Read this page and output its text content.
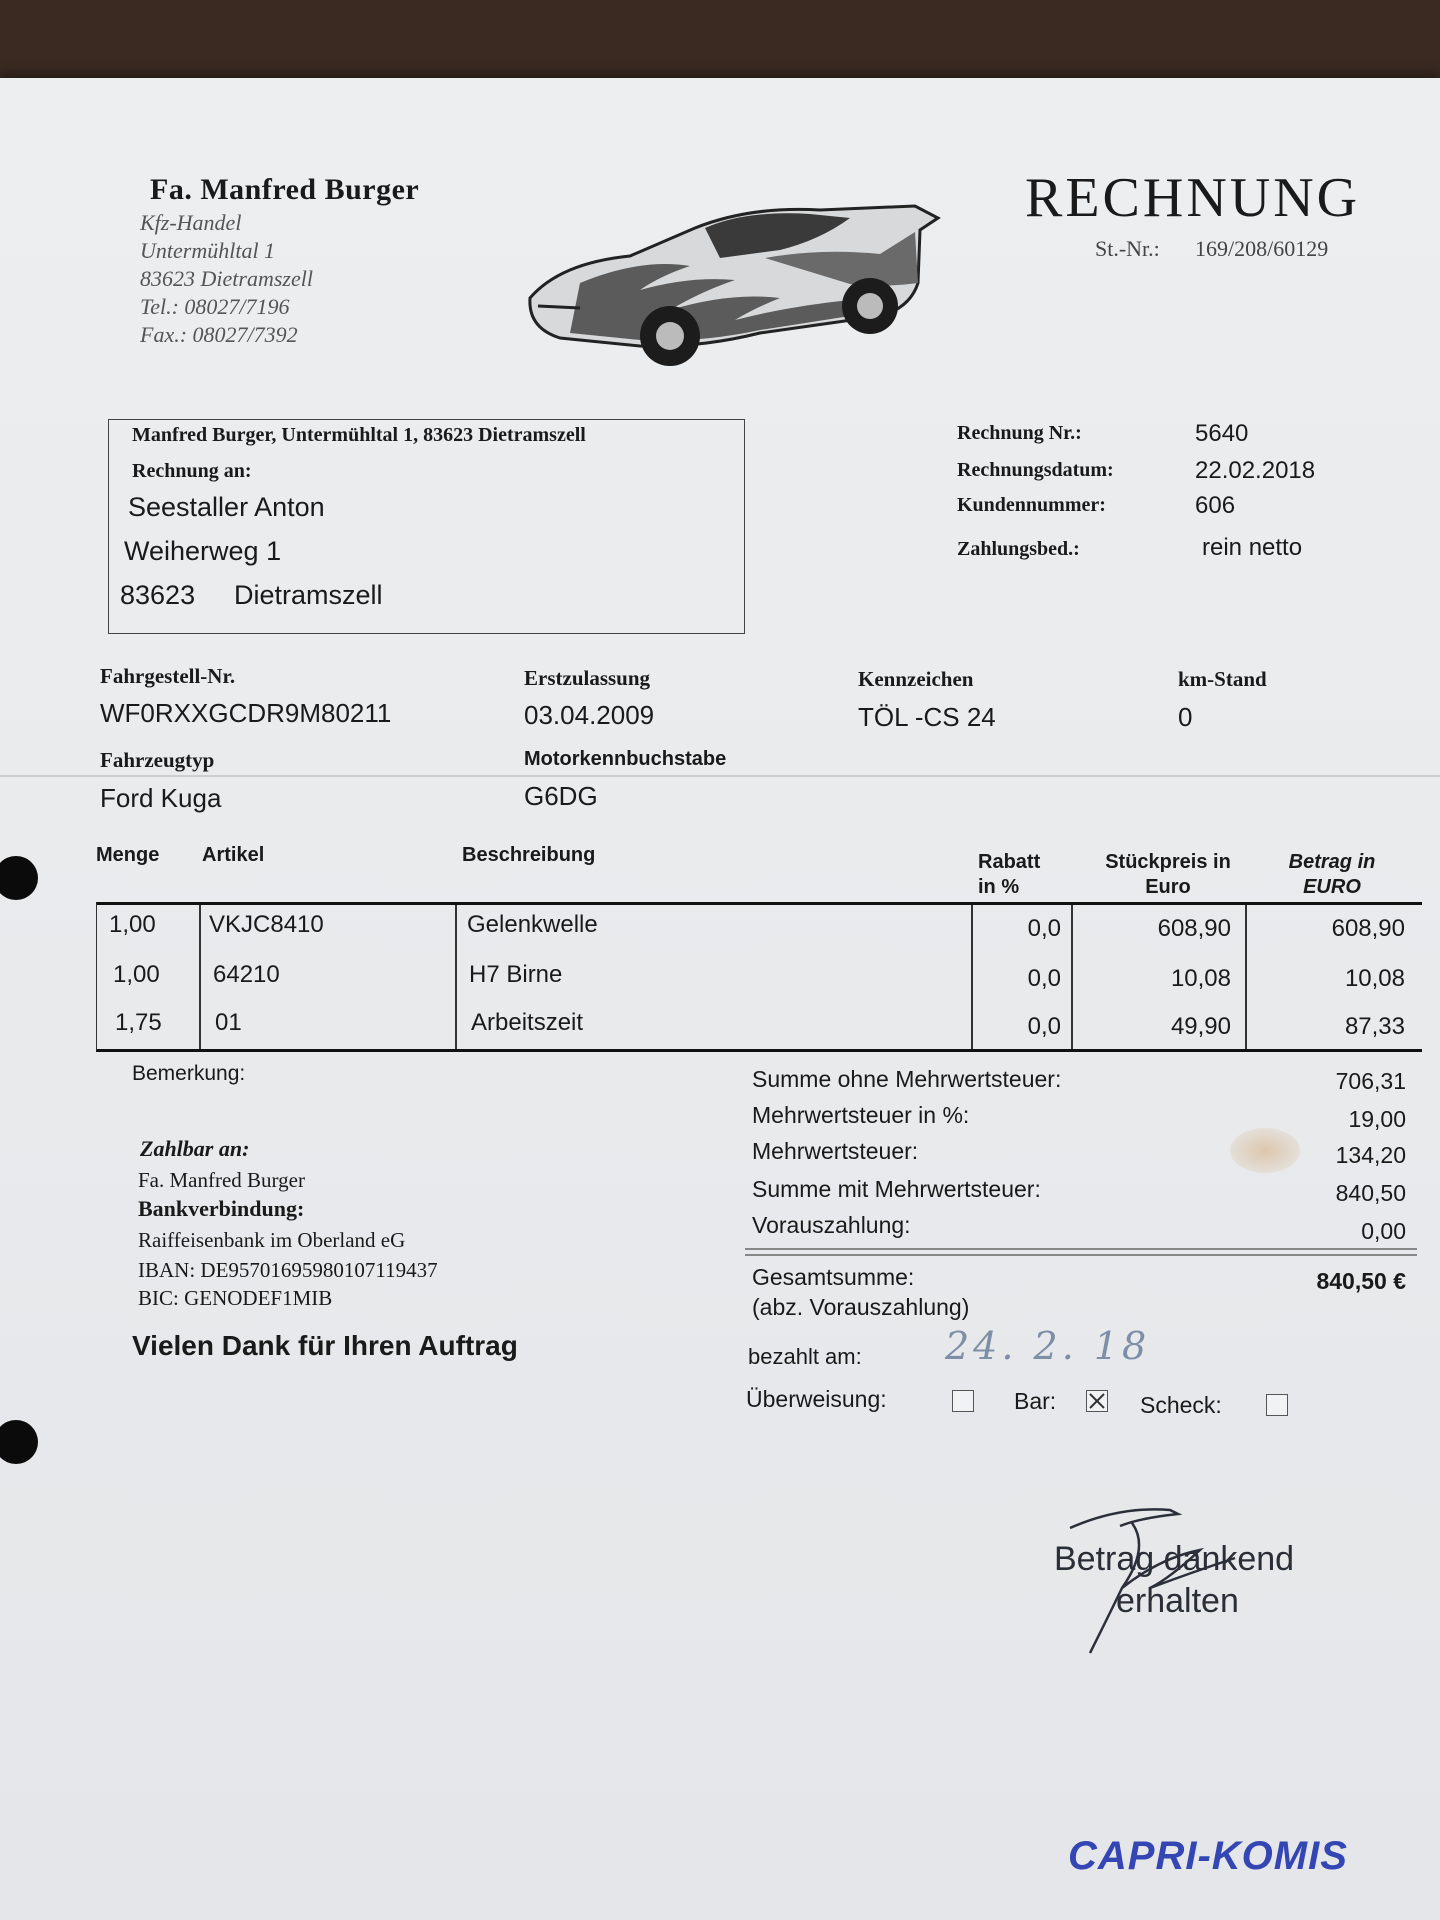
Fa. Manfred Burger
Kfz-Handel
Untermühltal 1
83623 Dietramszell
Tel.: 08027/7196
Fax.: 08027/7392
RECHNUNG
St.-Nr.: 169/208/60129
Manfred Burger, Untermühltal 1, 83623 Dietramszell
Rechnung an:
Seestaller Anton
Weiherweg 1
83623 Dietramszell
Rechnung Nr.:	5640
Rechnungsdatum:	22.02.2018
Kundennummer:	606
Zahlungsbed.:	rein netto
Fahrgestell-Nr.
WF0RXXGCDR9M80211
Erstzulassung
03.04.2009
Kennzeichen
TÖL -CS 24
km-Stand
0
Fahrzeugtyp
Ford Kuga
Motorkennbuchstabe
G6DG
Menge Artikel	Beschreibung	Rabatt
in %
Stückpreis in
Euro
Betrag in
EURO
1,00 VKJC8410	Gelenkwelle	0,0	608,90	608,90
1,00 64210	H7 Birne	0,0	10,08	10,08
1,75 01	Arbeitszeit	0,0	49,90	87,33
Bemerkung:	Summe ohne Mehrwertsteuer:	706,31
Mehrwertsteuer in %:	19,00
Mehrwertsteuer:	134,20
Summe mit Mehrwertsteuer:	840,50
Vorauszahlung:	0,00
Gesamtsumme:
(abz. Vorauszahlung)
840,50 €
Zahlbar an:
Fa. Manfred Burger
Bankverbindung:
Raiffeisenbank im Oberland eG
IBAN: DE95701695980107119437
BIC: GENODEF1MIB
Vielen Dank für Ihren Auftrag	bezahlt am: 24. 2. 18
Überweisung:	Bar:	Scheck:
Betrag dankend
erhalten
CAPRI-KOMIS
